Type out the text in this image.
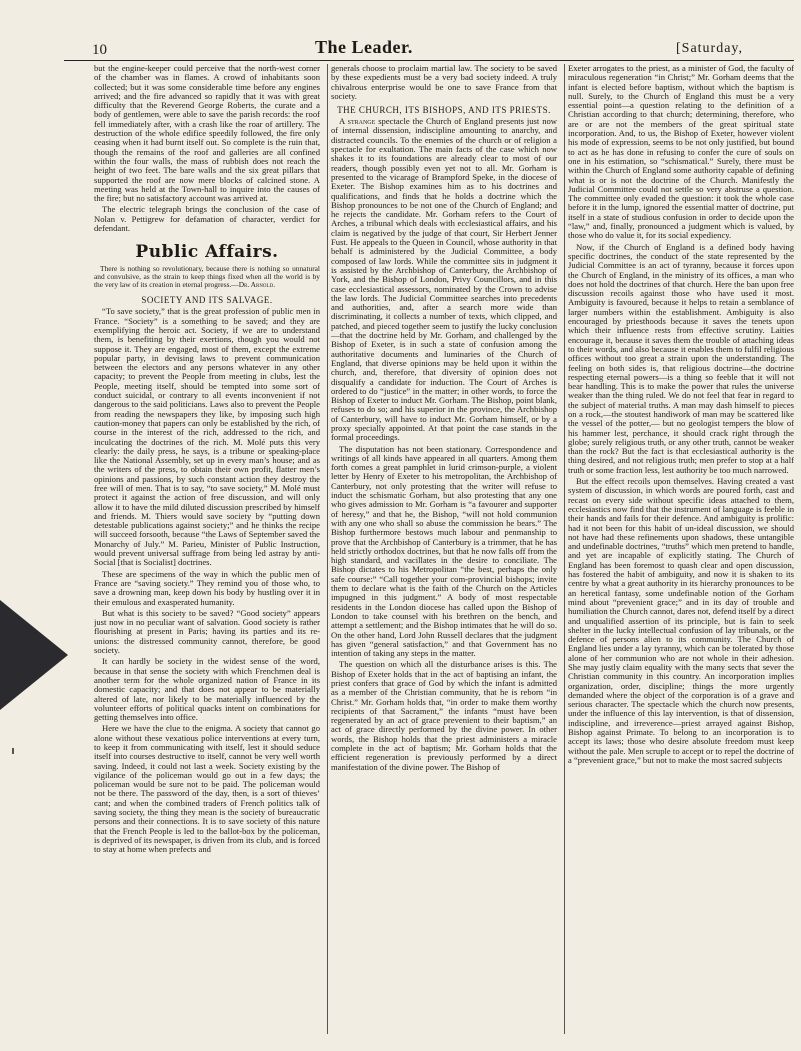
10	The Leader.	[Saturday,

but the engine-keeper could perceive that the north-west corner of the chamber was in flames. A crowd of inhabitants soon collected; but it was some considerable time before any engines arrived; and the fire advanced so rapidly that it was with great difficulty that the Reverend George Roberts, the curate and a body of gentlemen, were able to save the parish records: the roof fell immediately after, with a crash like the roar of artillery. The destruction of the whole edifice speedily followed, the fire only ceasing when it had burnt itself out. So complete is the ruin that, though the remains of the roof and galleries are all confined within the four walls, the mass of rubbish does not reach the height of two feet. The bare walls and the six great pillars that supported the roof are now mere blocks of calcined stone. A meeting was held at the Town-hall to inquire into the causes of the fire; but no satisfactory account was arrived at.

The electric telegraph brings the conclusion of the case of Nolan v. Pettigrew for defamation of character, verdict for defendant.

Public Affairs.
There is nothing so revolutionary, because there is nothing so unnatural and convulsive, as the strain to keep things fixed when all the world is by the very law of its creation in eternal progress.—Dr. Arnold.
SOCIETY AND ITS SALVAGE.

“To save society,” that is the great profession of public men in France. “Society” is a something to be saved; and they are exemplifying the heroic act. Society, if we are to understand them, is benefiting by their exertions, though you would not suppose it. They are engaged, most of them, except the extreme popular party, in devising laws to prevent communication between the electors and any persons whatever in any other capacity; to prevent the People from meeting in clubs, lest the People, meeting itself, should be tempted into some sort of conduct suicidal, or contrary to all events inconvenient if not dangerous to the said politicians. Laws also to prevent the People from reading the newspapers they like, by imposing such high caution-money that papers can only be established by the rich, of course in the interest of the rich, addressed to the rich, and inculcating the doctrines of the rich. M. Molé puts this very clearly: the daily press, he says, is a tribune or speaking-place like the National Assembly, set up in every man’s house; and as the writers of the press, to obtain their own profit, flatter men’s opinions and passions, by such constant action they destroy the free will of men. That is to say, “to save society,” M. Molé must protect it against the action of free discussion, and will only allow it to have the mild diluted discussion prescribed by himself and friends. M. Thiers would save society by “putting down detestable publications against society;” and he thinks the recipe will succeed forsooth, because “the Laws of September saved the Monarchy of July.” M. Parieu, Minister of Public Instruction, would prevent universal suffrage from being led astray by anti-Social [that is Socialist] doctrines.

These are specimens of the way in which the public men of France are “saving society.” They remind you of those who, to save a drowning man, keep down his body by hustling over it in their emulous and exasperated humanity.

But what is this society to be saved? “Good society” appears just now in no peculiar want of salvation. Good society is rather flourishing at present in Paris; having its parties and its re-unions: the distressed community cannot, therefore, be good society.

It can hardly be society in the widest sense of the word, because in that sense the society with which Frenchmen deal is another term for the whole organized nation of France in its domestic capacity; and that does not appear to be materially altered of late, nor likely to be materially influenced by the volunteer efforts of political quacks intent on combinations for getting themselves into office.

Here we have the clue to the enigma. A society that cannot go alone without these vexatious police interventions at every turn, to keep it from communicating with itself, lest it should seduce itself into courses destructive to itself, cannot be very well worth saving. Indeed, it could not last a week. Society existing by the vigilance of the policeman would go out in a few days; the policeman would be sure not to be paid. The policeman would not be there. The password of the day, then, is a sort of thieves’ cant; and when the combined traders of French politics talk of saving society, the thing they mean is the society of bureaucratic persons and their connections. It is to save society of this nature that the French People is led to the ballot-box by the policeman, is deprived of its newspaper, is driven from its club, and is forced to stay at home when prefects and

generals choose to proclaim martial law. The society to be saved by these expedients must be a very bad society indeed. A truly chivalrous enterprise would be one to save France from that society.

THE CHURCH, ITS BISHOPS, AND ITS PRIESTS.

A strange spectacle the Church of England presents just now of internal dissension, indiscipline amounting to anarchy, and distracted councils. To the enemies of the church or of religion a spectacle for exultation. The main facts of the case which now shakes it to its foundations are already clear to most of our readers, though possibly even yet not to all. Mr. Gorham is presented to the vicarage of Brampford Speke, in the diocese of Exeter. The Bishop examines him as to his doctrines and qualifications, and finds that he holds a doctrine which the Bishop pronounces to be not one of the Church of England; and he rejects the candidate. Mr. Gorham refers to the Court of Arches, a tribunal which deals with ecclesiastical affairs, and his claim is negatived by the judge of that court, Sir Herbert Jenner Fust. He appeals to the Queen in Council, whose authority in that behalf is administered by the Judicial Committee, a body composed of law lords. While the committee sits in judgment it is assisted by the Archbishop of Canterbury, the Archbishop of York, and the Bishop of London, Privy Councillors, and in this case ecclesiastical assessors, nominated by the Crown to advise the law lords. The Judicial Committee searches into precedents and authorities, and, after a search more wide than discriminating, it collects a number of texts, which clipped, and patched, and pieced together seem to justify the lucky conclusion—that the doctrine held by Mr. Gorham, and challenged by the Bishop of Exeter, is in such a state of confusion among the authoritative documents and luminaries of the Church of England, that diverse opinions may be held upon it within the church, and, therefore, that diversity of opinion does not disqualify a candidate for induction. The Court of Arches is ordered to do “justice” in the matter; in other words, to force the Bishop of Exeter to induct Mr. Gorham. The Bishop, point blank, refuses to do so; and his superior in the province, the Archbishop of Canterbury, will have to induct Mr. Gorham himself, or by a proxy specially appointed. At that point the case stands in the formal proceedings.

The disputation has not been stationary. Correspondence and writings of all kinds have appeared in all quarters. Among them forth comes a great pamphlet in lurid crimson-purple, a violent letter by Henry of Exeter to his metropolitan, the Archbishop of Canterbury, not only protesting that the writer will refuse to induct the schismatic Gorham, but also protesting that any one who gives admission to Mr. Gorham is “a favourer and supporter of heresy,” and that he, the Bishop, “will not hold communion with any one who shall so abuse the commission he bears.” The Bishop furthermore bestows much labour and penmanship to prove that the Archbishop of Canterbury is a trimmer, that he has held strictly orthodox doctrines, but that he now falls off from the high standard, and vacillates in the desire to conciliate. The Bishop dictates to his Metropolitan “the best, perhaps the only safe course:” “Call together your com-provincial bishops; invite them to declare what is the faith of the Church on the Articles impugned in this judgment.” A body of most respectable residents in the London diocese has called upon the Bishop of London to take counsel with his brethren on the bench, and attempt a settlement; and the Bishop intimates that he will do so. On the other hand, Lord John Russell declares that the judgment has given “general satisfaction,” and that Government has no intention of taking any steps in the matter.

The question on which all the disturbance arises is this. The Bishop of Exeter holds that in the act of baptising an infant, the priest confers that grace of God by which the infant is admitted as a member of the Christian community, that he is reborn “in Christ.” Mr. Gorham holds that, “in order to make them worthy recipients of that Sacrament,” the infants “must have been regenerated by an act of grace prevenient to their baptism,” an act of grace directly performed by the divine power. In other words, the Bishop holds that the priest administers a miracle complete in the act of baptism; Mr. Gorham holds that the efficient regeneration is previously performed by a direct manifestation of the divine power. The Bishop of

Exeter arrogates to the priest, as a minister of God, the faculty of miraculous regeneration “in Christ;” Mr. Gorham deems that the infant is elected before baptism, without which the baptism is null. Surely, to the Church of England this must be a very essential point—a question relating to the definition of a Christian according to that church; determining, therefore, who are or are not the members of the great spiritual state incorporation. And, to us, the Bishop of Exeter, however violent his mode of expression, seems to be not only justified, but bound to act as he has done in refusing to confer the cure of souls on one in his estimation, so “schismatical.” Surely, there must be within the Church of England some authority capable of defining what is or is not the doctrine of the Church. Manifestly the Judicial Committee could not settle so very abstruse a question. The committee only evaded the question: it took the whole case before it in the lump, ignored the essential matter of doctrine, put itself in a state of studious confusion in order to decide upon the “law,” and, finally, pronounced a judgment which is valued, by those who do value it, for its social expediency.

Now, if the Church of England is a defined body having specific doctrines, the conduct of the state represented by the Judicial Committee is an act of tyranny, because it forces upon the Church of England, in the ministry of its offices, a man who does not hold the doctrines of that church. Here the ban upon free discussion recoils against those who have used it most. Ambiguity is favoured, because it helps to retain a semblance of larger numbers within the establishment. Ambiguity is also encouraged by priesthoods because it saves the tenets upon which their influence rests from effective scrutiny. Laities encourage it, because it saves them the trouble of attaching ideas to their words, and also because it enables them to fulfil religious offices without too great a strain upon the understanding. The feeling on both sides is, that religious doctrine—the doctrine respecting eternal powers—is a thing so feeble that it will not bear handling. This is to make the power that rules the universe weaker than the thing ruled. We do not feel that fear in regard to the subject of material truths. A man may dash himself to pieces on a rock,—the stoutest handiwork of man may be scattered like the vessel of the potter,— but no geologist tempers the blow of his hammer lest, perchance, it should crack right through the globe; surely religious truth, or any other truth, cannot be weaker than the rock? But the fact is that ecclesiastical authority is the thing desired, and not religious truth; men prefer to stop at a half truth or some fraction less, lest authority be too much narrowed.

But the effect recoils upon themselves. Having created a vast system of discussion, in which words are poured forth, cast and recast on every side without specific ideas attached to them, ecclesiastics now find that the instrument of language is feeble in their hands and fails for their defence. And ambiguity is prolific: had it not been for this habit of un-ideal discussion, we should not have had these refinements upon shadows, these untangible and undefinable doctrines, “truths” which men pretend to handle, and yet are incapable of explicitly stating. The Church of England has been foremost to quash clear and open discussion, has fostered the habit of ambiguity, and now it is shaken to its centre by what a great authority in its hierarchy pronounces to be an heretical fantasy, some undefinable notion of the Gorham mind about “prevenient grace;” and in its day of trouble and humiliation the Church cannot, dares not, defend itself by a direct and unqualified assertion of its principle, but is fain to seek shelter in the lucky intellectual confusion of lay tribunals, or the defence of persons alien to its community. The Church of England lies under a lay tyranny, which can be tolerated by those alone of her communion who are not whole in their adhesion. She may justly claim equality with the many sects that sever the Christian community in this country. An incorporation implies organization, order, discipline; things the more urgently demanded where the object of the corporation is of a grave and serious character. The spectacle which the church now presents, under the influence of this lay intervention, is that of dissension, indiscipline, and irreverence—priest arrayed against Bishop, Bishop against Primate. To belong to an incorporation is to accept its laws; those who desire absolute freedom must keep without the pale. Men scruple to accept or to repel the doctrine of a “prevenient grace,” but not to make the most sacred subjects
